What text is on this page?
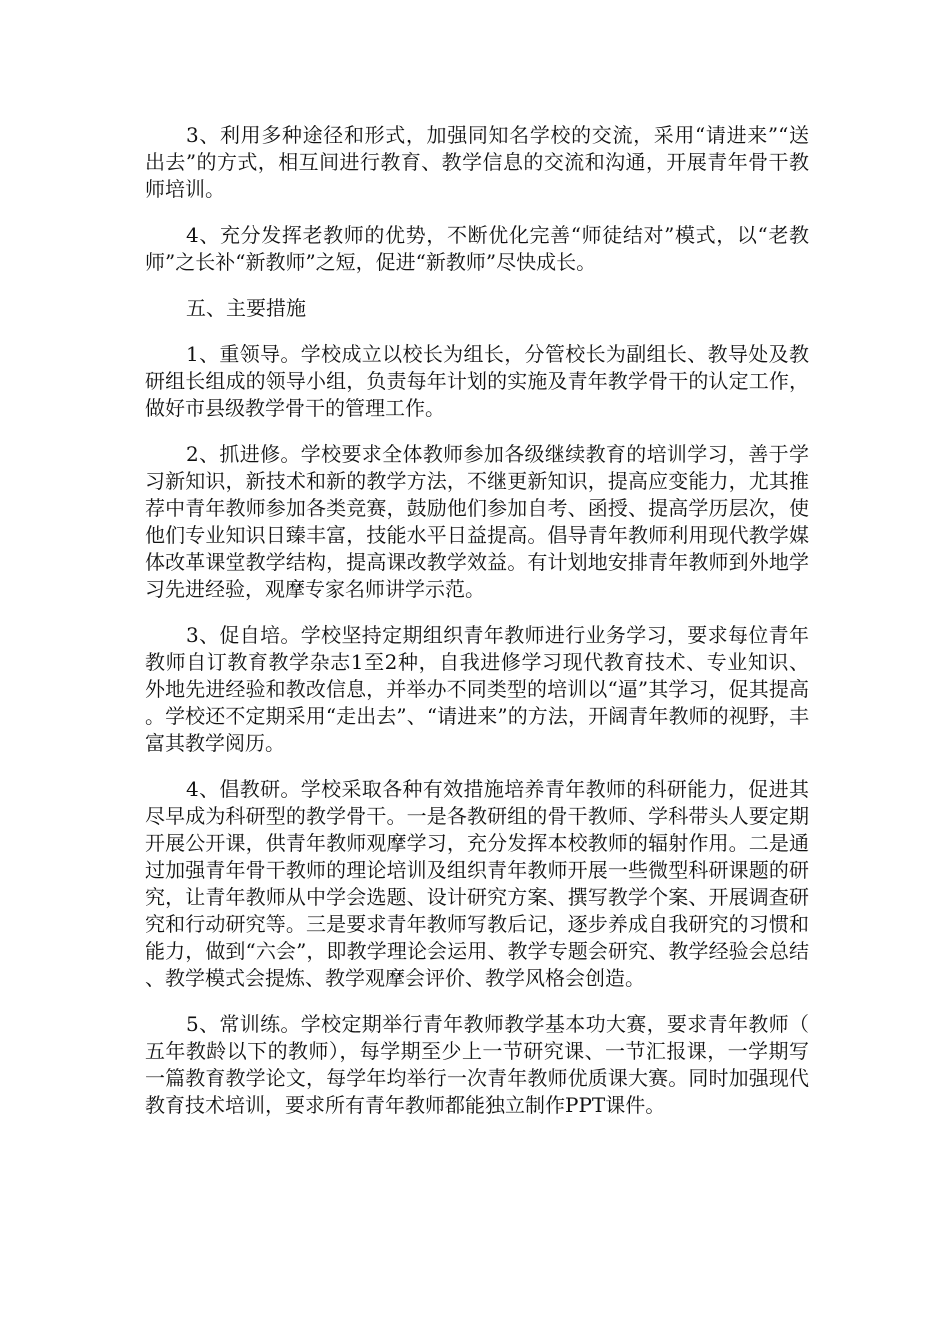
3、利用多种途径和形式，加强同知名学校的交流，采用“请进来”“送出去”的方式，相互间进行教育、教学信息的交流和沟通，开展青年骨干教师培训。

4、充分发挥老教师的优势，不断优化完善“师徒结对”模式，以“老教师”之长补“新教师”之短，促进“新教师”尽快成长。

五、主要措施

1、重领导。学校成立以校长为组长，分管校长为副组长、教导处及教研组长组成的领导小组，负责每年计划的实施及青年教学骨干的认定工作，做好市县级教学骨干的管理工作。

2、抓进修。学校要求全体教师参加各级继续教育的培训学习，善于学习新知识，新技术和新的教学方法，不继更新知识，提高应变能力，尤其推荐中青年教师参加各类竞赛，鼓励他们参加自考、函授、提高学历层次，使他们专业知识日臻丰富，技能水平日益提高。倡导青年教师利用现代教学媒体改革课堂教学结构，提高课改教学效益。有计划地安排青年教师到外地学习先进经验，观摩专家名师讲学示范。

3、促自培。学校坚持定期组织青年教师进行业务学习，要求每位青年教师自订教育教学杂志1至2种，自我进修学习现代教育技术、专业知识、外地先进经验和教改信息，并举办不同类型的培训以“逼”其学习，促其提高。学校还不定期采用“走出去”、“请进来”的方法，开阔青年教师的视野，丰富其教学阅历。

4、倡教研。学校采取各种有效措施培养青年教师的科研能力，促进其尽早成为科研型的教学骨干。一是各教研组的骨干教师、学科带头人要定期开展公开课，供青年教师观摩学习，充分发挥本校教师的辐射作用。二是通过加强青年骨干教师的理论培训及组织青年教师开展一些微型科研课题的研究，让青年教师从中学会选题、设计研究方案、撰写教学个案、开展调查研究和行动研究等。三是要求青年教师写教后记，逐步养成自我研究的习惯和能力，做到“六会”，即教学理论会运用、教学专题会研究、教学经验会总结、教学模式会提炼、教学观摩会评价、教学风格会创造。

5、常训练。学校定期举行青年教师教学基本功大赛，要求青年教师（五年教龄以下的教师），每学期至少上一节研究课、一节汇报课，一学期写一篇教育教学论文，每学年均举行一次青年教师优质课大赛。同时加强现代教育技术培训，要求所有青年教师都能独立制作PPT课件。
